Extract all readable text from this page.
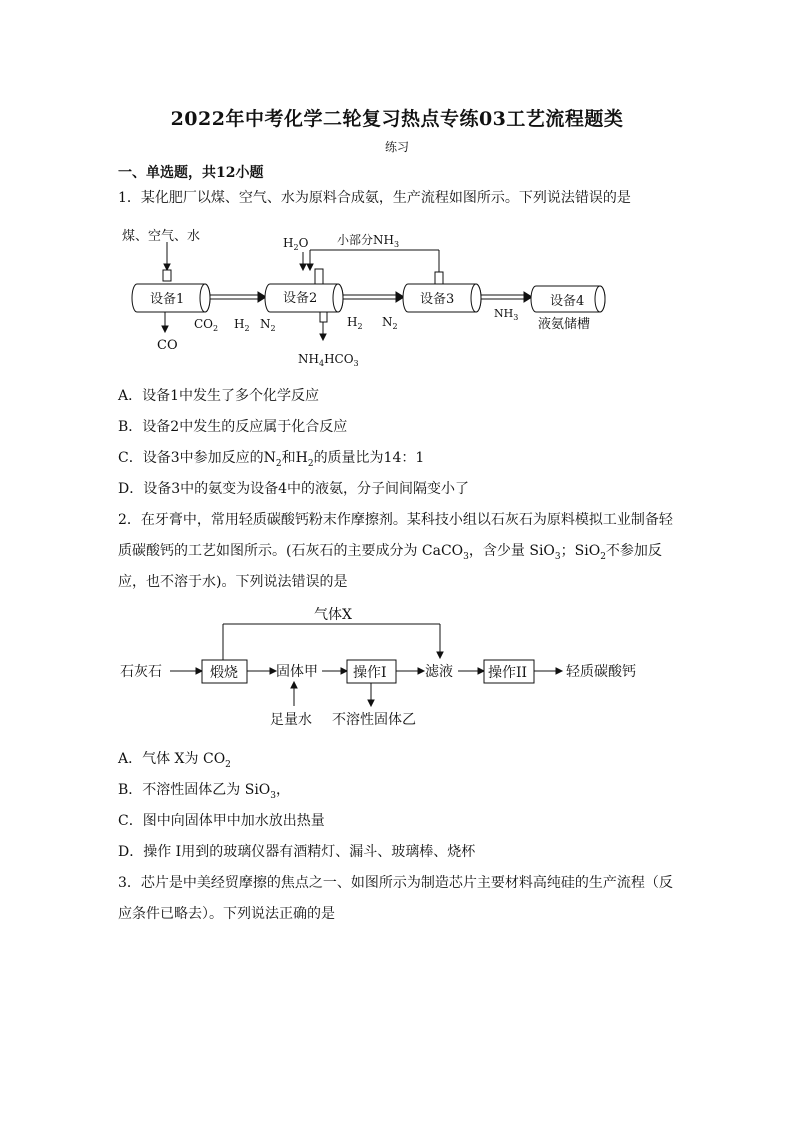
2022年中考化学二轮复习热点专练03工艺流程题类
练习
一、单选题，共12小题
1．某化肥厂以煤、空气、水为原料合成氨，生产流程如图所示。下列说法错误的是
煤、空气、水
设备1
CO
$CO_2$ $H_2$ $N_2$
设备2
$H_2O$ 小部分$NH_3$
$NH_4HCO_3$
$H_2$ $N_2$
设备3
$NH_3$
设备4
液氨储槽
A．设备1中发生了多个化学反应
B．设备2中发生的反应属于化合反应
C．设备3中参加反应的$N_2$和$H_2$的质量比为14：1
D．设备3中的氨变为设备4中的液氨，分子间间隔变小了
2．在牙膏中，常用轻质碳酸钙粉末作摩擦剂。某科技小组以石灰石为原料模拟工业制备轻
质碳酸钙的工艺如图所示。(石灰石的主要成分为 CaCO$_3$，含少量 SiO$_3$；SiO$_2$不参加反
应，也不溶于水)。下列说法错误的是
气体X
石灰石	煅烧	固体甲	操作I	滤液	操作II	轻质碳酸钙
足量水 不溶性固体乙
A．气体 X为 $CO_2$
B．不溶性固体乙为 SiO$_3$，
C．图中向固体甲中加水放出热量
D．操作 I用到的玻璃仪器有酒精灯、漏斗、玻璃棒、烧杯
3．芯片是中美经贸摩擦的焦点之一、如图所示为制造芯片主要材料高纯硅的生产流程（反
应条件已略去）。下列说法正确的是
